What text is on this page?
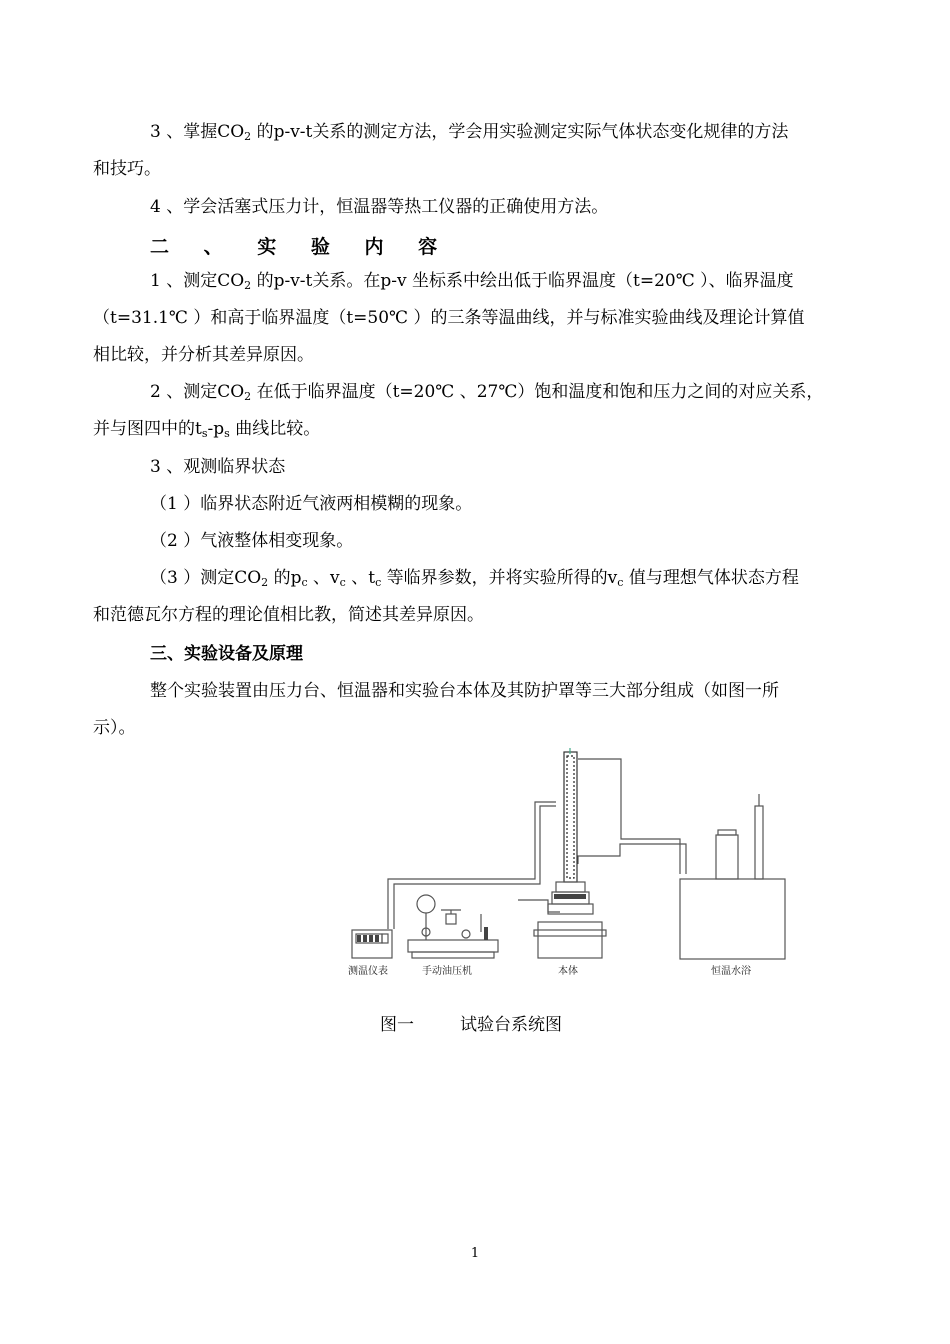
3 、掌握$CO_2$ 的p-v-t关系的测定方法，学会用实验测定实际气体状态变化规律的方法
和技巧。
4 、学会活塞式压力计，恒温器等热工仪器的正确使用方法。
二 、 实 验 内 容
1 、测定$CO_2$ 的p-v-t关系。在p-v 坐标系中绘出低于临界温度（t=20℃ ）、临界温度
（t=31.1℃ ）和高于临界温度（t=50℃ ）的三条等温曲线，并与标准实验曲线及理论计算值
相比较，并分析其差异原因。
2 、测定$CO_2$ 在低于临界温度（t=20℃ 、27℃）饱和温度和饱和压力之间的对应关系，
并与图四中的$t_s-p_s$ 曲线比较。
3 、观测临界状态
（1 ）临界状态附近气液两相模糊的现象。
（2 ）气液整体相变现象。
（3 ）测定$CO_2$ 的$p_c$ 、$v_c$ 、$t_c$ 等临界参数，并将实验所得的$v_c$ 值与理想气体状态方程
和范德瓦尔方程的理论值相比教，简述其差异原因。
三、实验设备及原理
整个实验装置由压力台、恒温器和实验台本体及其防护罩等三大部分组成（如图一所
示）。
测温仪表	手动油压机	本体	恒温水浴
图一	试验台系统图
1
